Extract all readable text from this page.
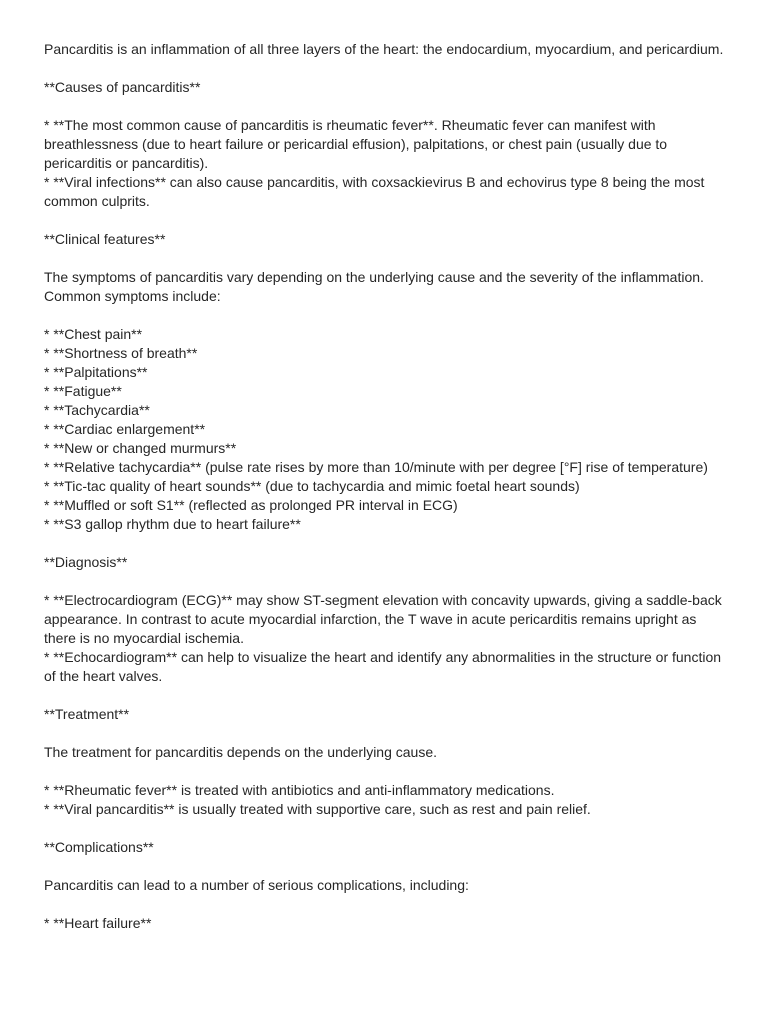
Pancarditis is an inflammation of all three layers of the heart: the endocardium, myocardium, and pericardium.

**Causes of pancarditis**

* **The most common cause of pancarditis is rheumatic fever**. Rheumatic fever can manifest with breathlessness (due to heart failure or pericardial effusion), palpitations, or chest pain (usually due to pericarditis or pancarditis).

* **Viral infections** can also cause pancarditis, with coxsackievirus B and echovirus type 8 being the most common culprits.

**Clinical features**

The symptoms of pancarditis vary depending on the underlying cause and the severity of the inflammation. Common symptoms include:

* **Chest pain**

* **Shortness of breath**

* **Palpitations**

* **Fatigue**

* **Tachycardia**

* **Cardiac enlargement**

* **New or changed murmurs**

* **Relative tachycardia** (pulse rate rises by more than 10/minute with per degree [°F] rise of temperature)

* **Tic-tac quality of heart sounds** (due to tachycardia and mimic foetal heart sounds)

* **Muffled or soft S1** (reflected as prolonged PR interval in ECG)

* **S3 gallop rhythm due to heart failure**

**Diagnosis**

* **Electrocardiogram (ECG)** may show ST-segment elevation with concavity upwards, giving a saddle-back appearance. In contrast to acute myocardial infarction, the T wave in acute pericarditis remains upright as there is no myocardial ischemia.

* **Echocardiogram** can help to visualize the heart and identify any abnormalities in the structure or function of the heart valves.

**Treatment**

The treatment for pancarditis depends on the underlying cause.

* **Rheumatic fever** is treated with antibiotics and anti-inflammatory medications.

* **Viral pancarditis** is usually treated with supportive care, such as rest and pain relief.

**Complications**

Pancarditis can lead to a number of serious complications, including:

* **Heart failure**
